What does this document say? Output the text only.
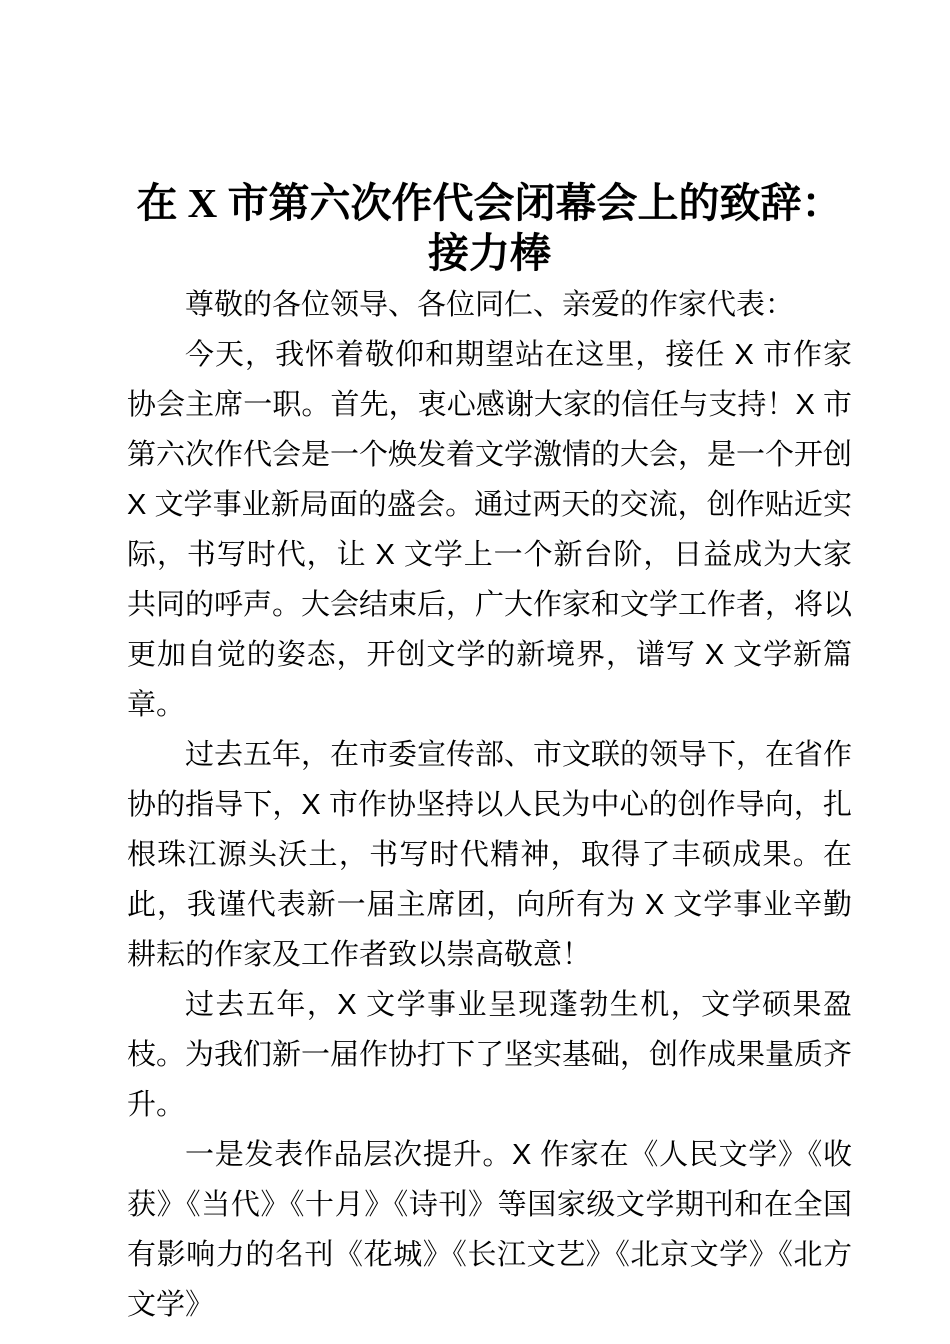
在 X 市第六次作代会闭幕会上的致辞：
接力棒

尊敬的各位领导、各位同仁、亲爱的作家代表：

今天，我怀着敬仰和期望站在这里，接任 X 市作家协会主席一职。首先，衷心感谢大家的信任与支持！X 市第六次作代会是一个焕发着文学激情的大会，是一个开创 X 文学事业新局面的盛会。通过两天的交流，创作贴近实际，书写时代，让 X 文学上一个新台阶，日益成为大家共同的呼声。大会结束后，广大作家和文学工作者，将以更加自觉的姿态，开创文学的新境界，谱写 X 文学新篇章。

过去五年，在市委宣传部、市文联的领导下，在省作协的指导下，X 市作协坚持以人民为中心的创作导向，扎根珠江源头沃土，书写时代精神，取得了丰硕成果。在此，我谨代表新一届主席团，向所有为 X 文学事业辛勤耕耘的作家及工作者致以崇高敬意！

过去五年，X 文学事业呈现蓬勃生机，文学硕果盈枝。为我们新一届作协打下了坚实基础，创作成果量质齐升。

一是发表作品层次提升。X 作家在《人民文学》《收获》《当代》《十月》《诗刊》等国家级文学期刊和在全国有影响力的名刊《花城》《长江文艺》《北京文学》《北方文学》
